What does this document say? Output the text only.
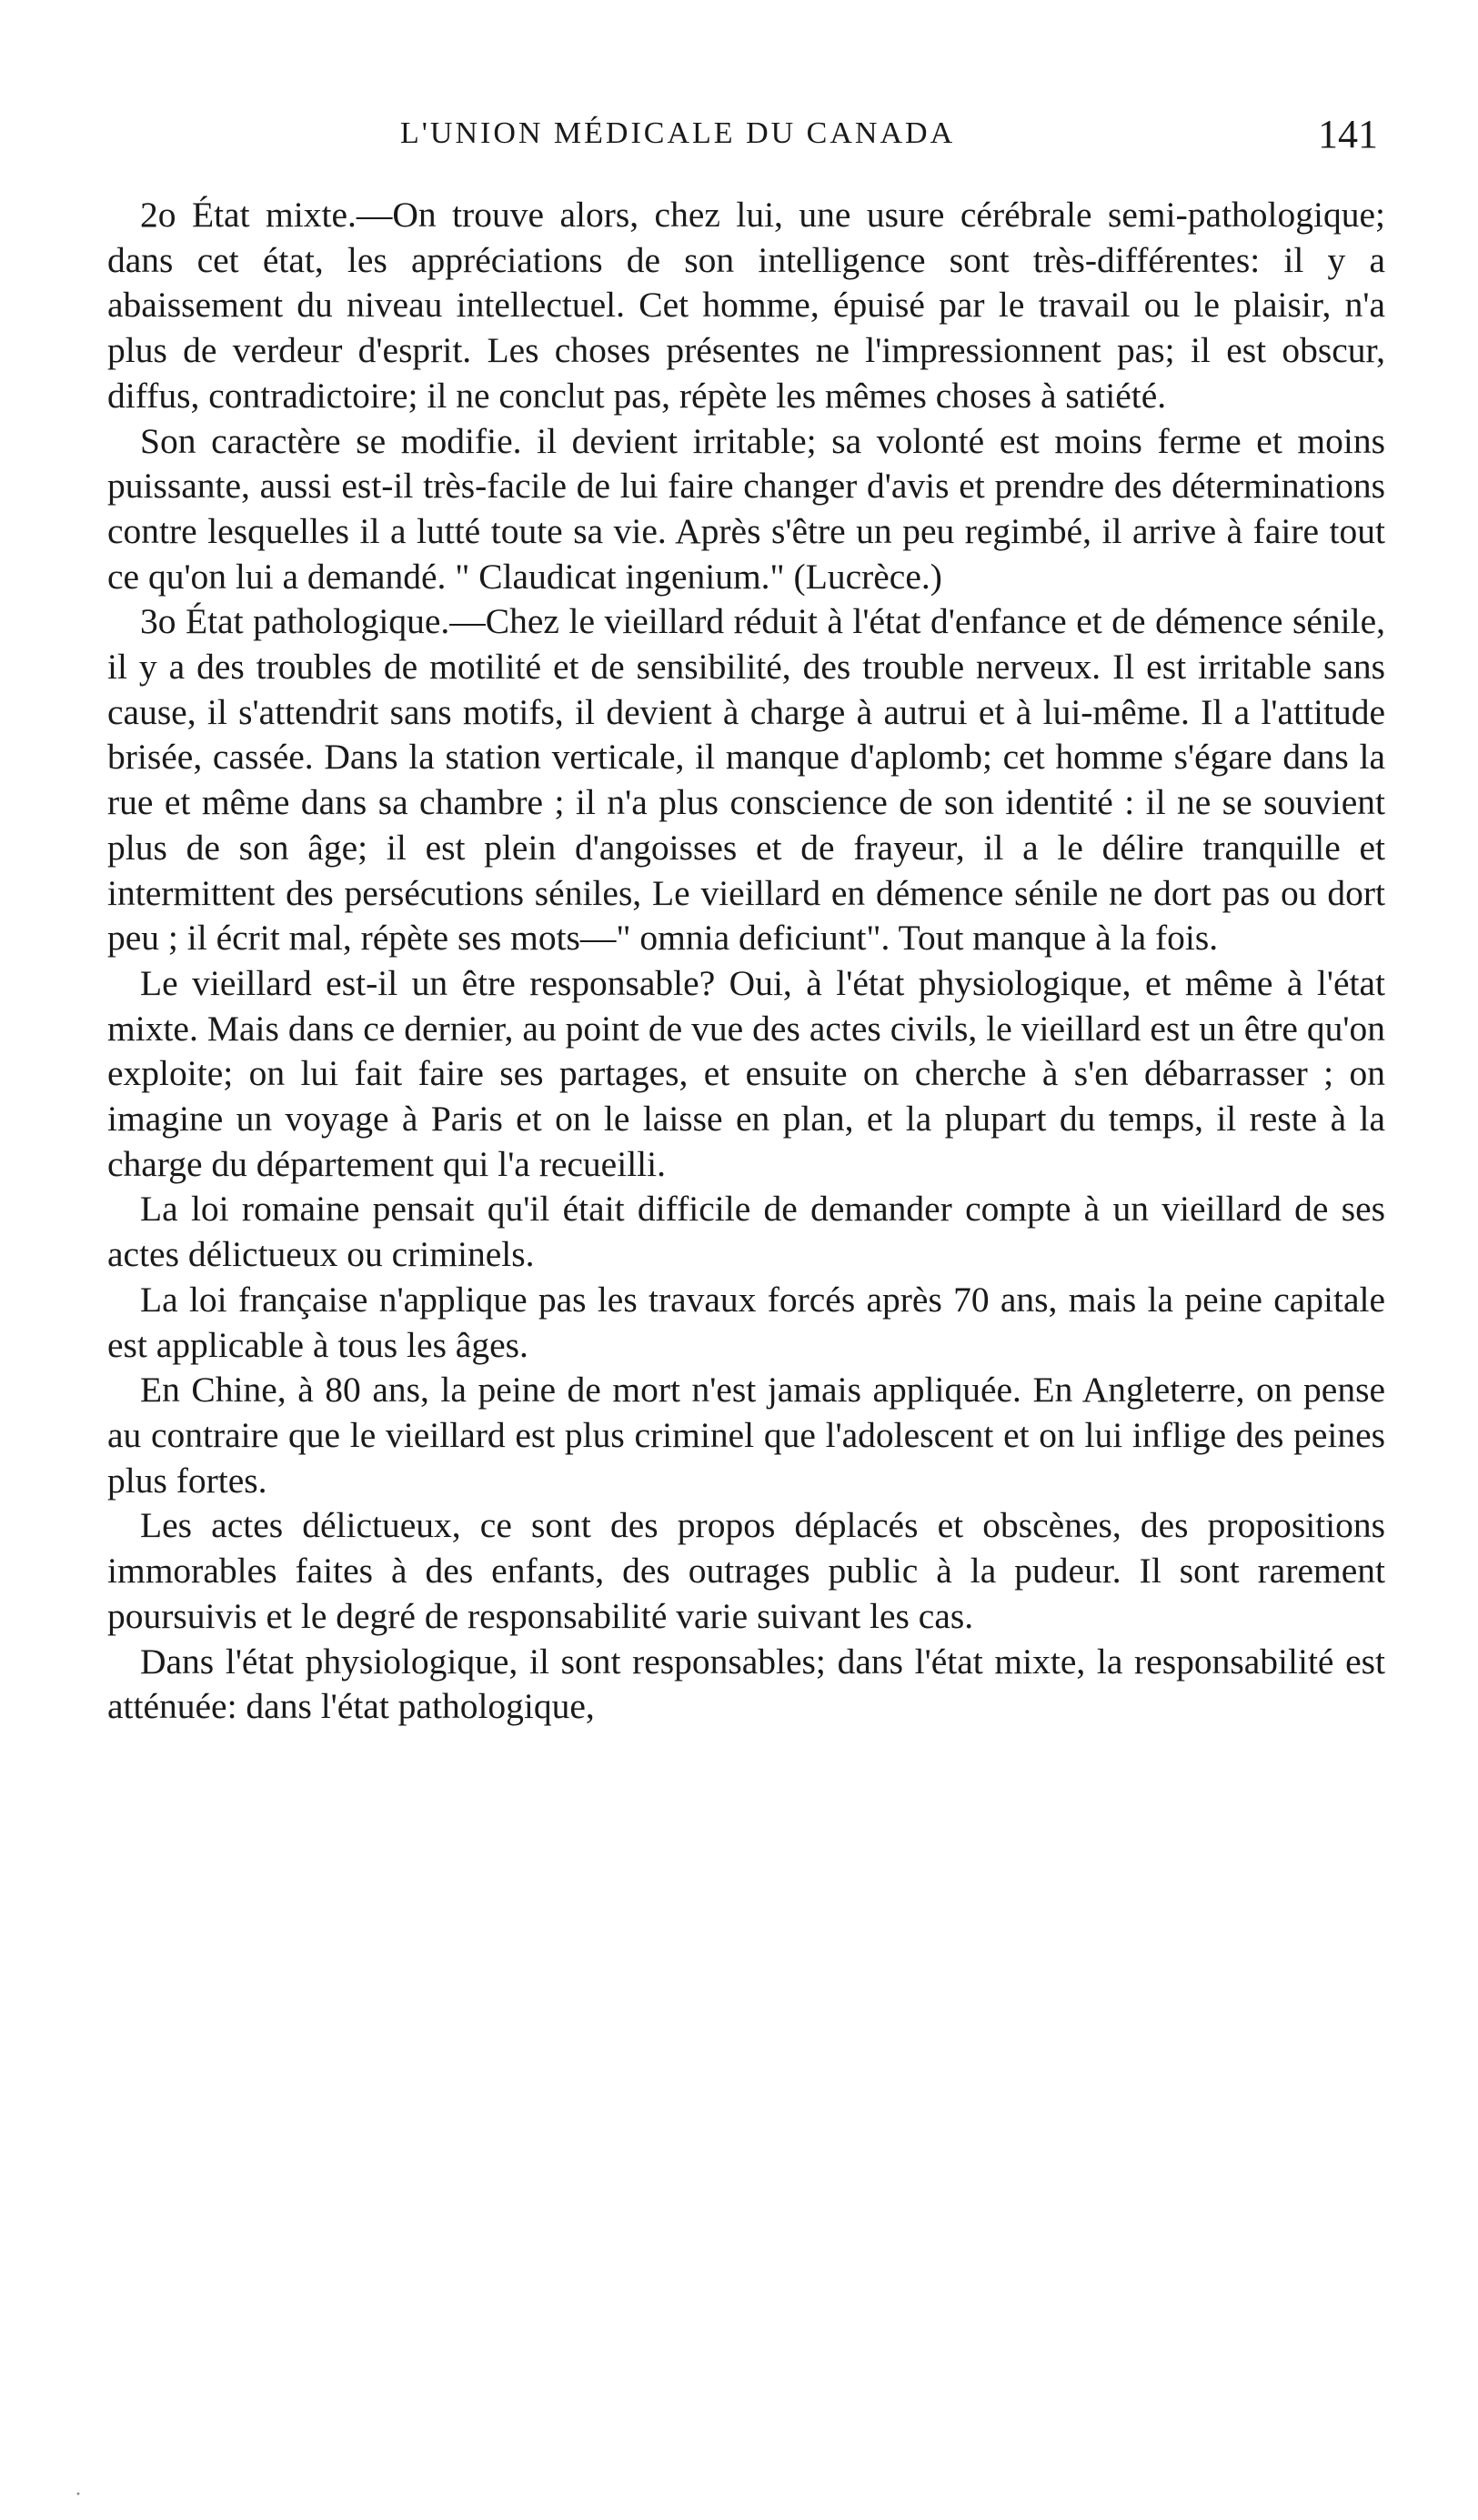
L'UNION MÉDICALE DU CANADA	141

2o État mixte.—On trouve alors, chez lui, une usure cérébrale semi-pathologique; dans cet état, les appréciations de son intelligence sont très-différentes: il y a abaissement du niveau intellectuel. Cet homme, épuisé par le travail ou le plaisir, n'a plus de verdeur d'esprit. Les choses présentes ne l'impressionnent pas; il est obscur, diffus, contradictoire; il ne conclut pas, répète les mêmes choses à satiété.

Son caractère se modifie. il devient irritable; sa volonté est moins ferme et moins puissante, aussi est-il très-facile de lui faire changer d'avis et prendre des déterminations contre lesquelles il a lutté toute sa vie. Après s'être un peu regimbé, il arrive à faire tout ce qu'on lui a demandé. " Claudicat ingenium." (Lucrèce.)

3o État pathologique.—Chez le vieillard réduit à l'état d'enfance et de démence sénile, il y a des troubles de motilité et de sensibilité, des trouble nerveux. Il est irritable sans cause, il s'attendrit sans motifs, il devient à charge à autrui et à lui-même. Il a l'attitude brisée, cassée. Dans la station verticale, il manque d'aplomb; cet homme s'égare dans la rue et même dans sa chambre ; il n'a plus conscience de son identité : il ne se souvient plus de son âge; il est plein d'angoisses et de frayeur, il a le délire tranquille et intermittent des persécutions séniles, Le vieillard en démence sénile ne dort pas ou dort peu ; il écrit mal, répète ses mots—" omnia deficiunt". Tout manque à la fois.

Le vieillard est-il un être responsable? Oui, à l'état physiologique, et même à l'état mixte. Mais dans ce dernier, au point de vue des actes civils, le vieillard est un être qu'on exploite; on lui fait faire ses partages, et ensuite on cherche à s'en débarrasser ; on imagine un voyage à Paris et on le laisse en plan, et la plupart du temps, il reste à la charge du département qui l'a recueilli.

La loi romaine pensait qu'il était difficile de demander compte à un vieillard de ses actes délictueux ou criminels.

La loi française n'applique pas les travaux forcés après 70 ans, mais la peine capitale est applicable à tous les âges.

En Chine, à 80 ans, la peine de mort n'est jamais appliquée. En Angleterre, on pense au contraire que le vieillard est plus criminel que l'adolescent et on lui inflige des peines plus fortes.

Les actes délictueux, ce sont des propos déplacés et obscènes, des propositions immorables faites à des enfants, des outrages public à la pudeur. Il sont rarement poursuivis et le degré de responsabilité varie suivant les cas.

Dans l'état physiologique, il sont responsables; dans l'état mixte, la responsabilité est atténuée: dans l'état pathologique,

·
